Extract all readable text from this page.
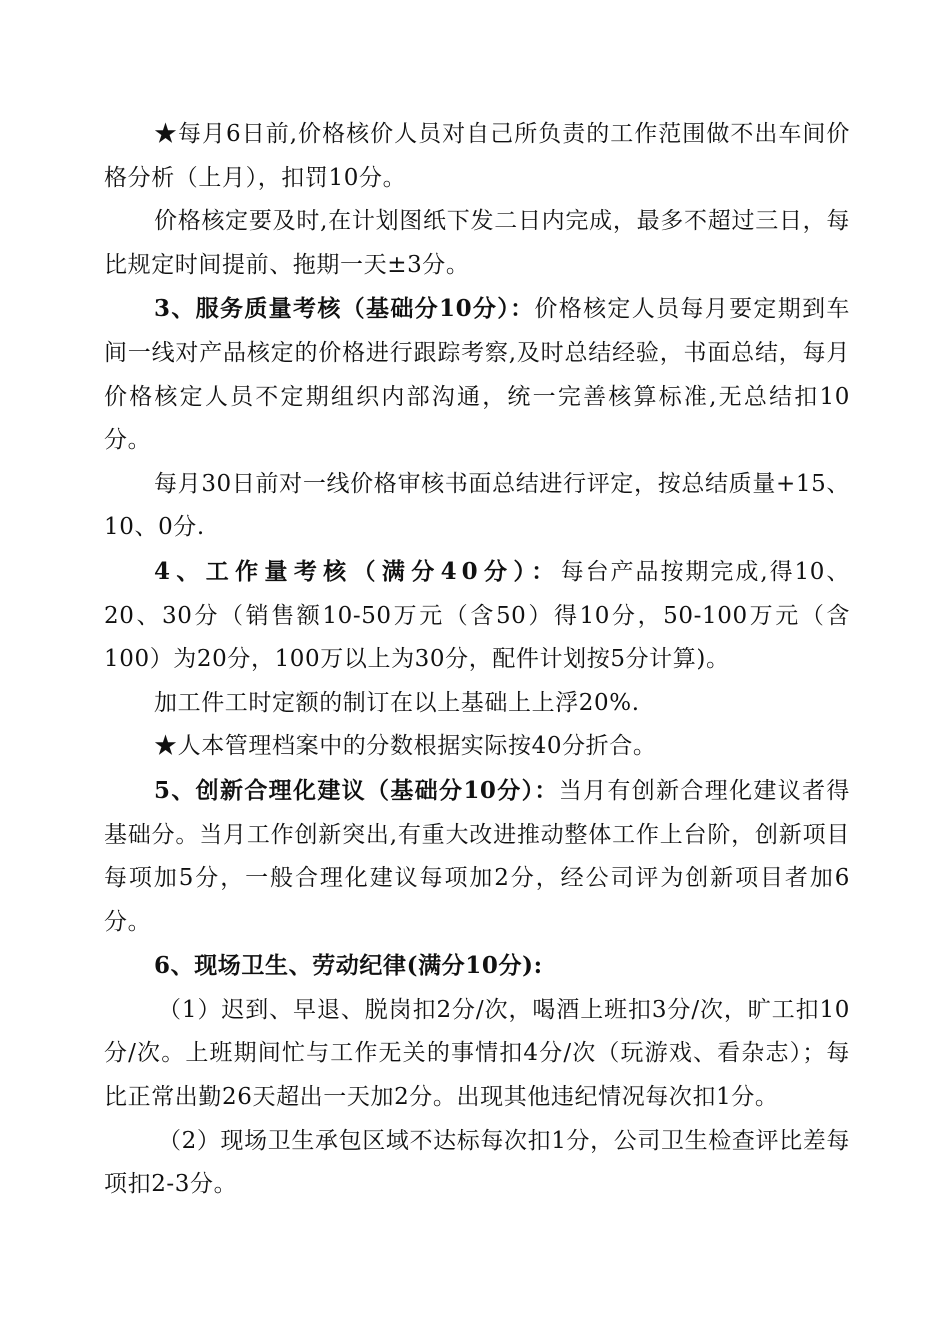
★每月6日前,价格核价人员对自己所负责的工作范围做不出车间价格分析（上月），扣罚10分。

价格核定要及时,在计划图纸下发二日内完成，最多不超过三日，每比规定时间提前、拖期一天±3分。

3、服务质量考核（基础分10分）：价格核定人员每月要定期到车间一线对产品核定的价格进行跟踪考察,及时总结经验，书面总结，每月价格核定人员不定期组织内部沟通，统一完善核算标准,无总结扣10分。

每月30日前对一线价格审核书面总结进行评定，按总结质量+15、10、0分.

4、工作量考核（满分40分）：每台产品按期完成,得10、20、30分（销售额10-50万元（含50）得10分，50-100万元（含100）为20分，100万以上为30分，配件计划按5分计算)。

加工件工时定额的制订在以上基础上上浮20%.

★人本管理档案中的分数根据实际按40分折合。

5、创新合理化建议（基础分10分）：当月有创新合理化建议者得基础分。当月工作创新突出,有重大改进推动整体工作上台阶，创新项目每项加5分，一般合理化建议每项加2分，经公司评为创新项目者加6分。

6、现场卫生、劳动纪律(满分10分):

（1）迟到、早退、脱岗扣2分/次，喝酒上班扣3分/次，旷工扣10分/次。上班期间忙与工作无关的事情扣4分/次（玩游戏、看杂志）；每比正常出勤26天超出一天加2分。出现其他违纪情况每次扣1分。

（2）现场卫生承包区域不达标每次扣1分，公司卫生检查评比差每项扣2-3分。
